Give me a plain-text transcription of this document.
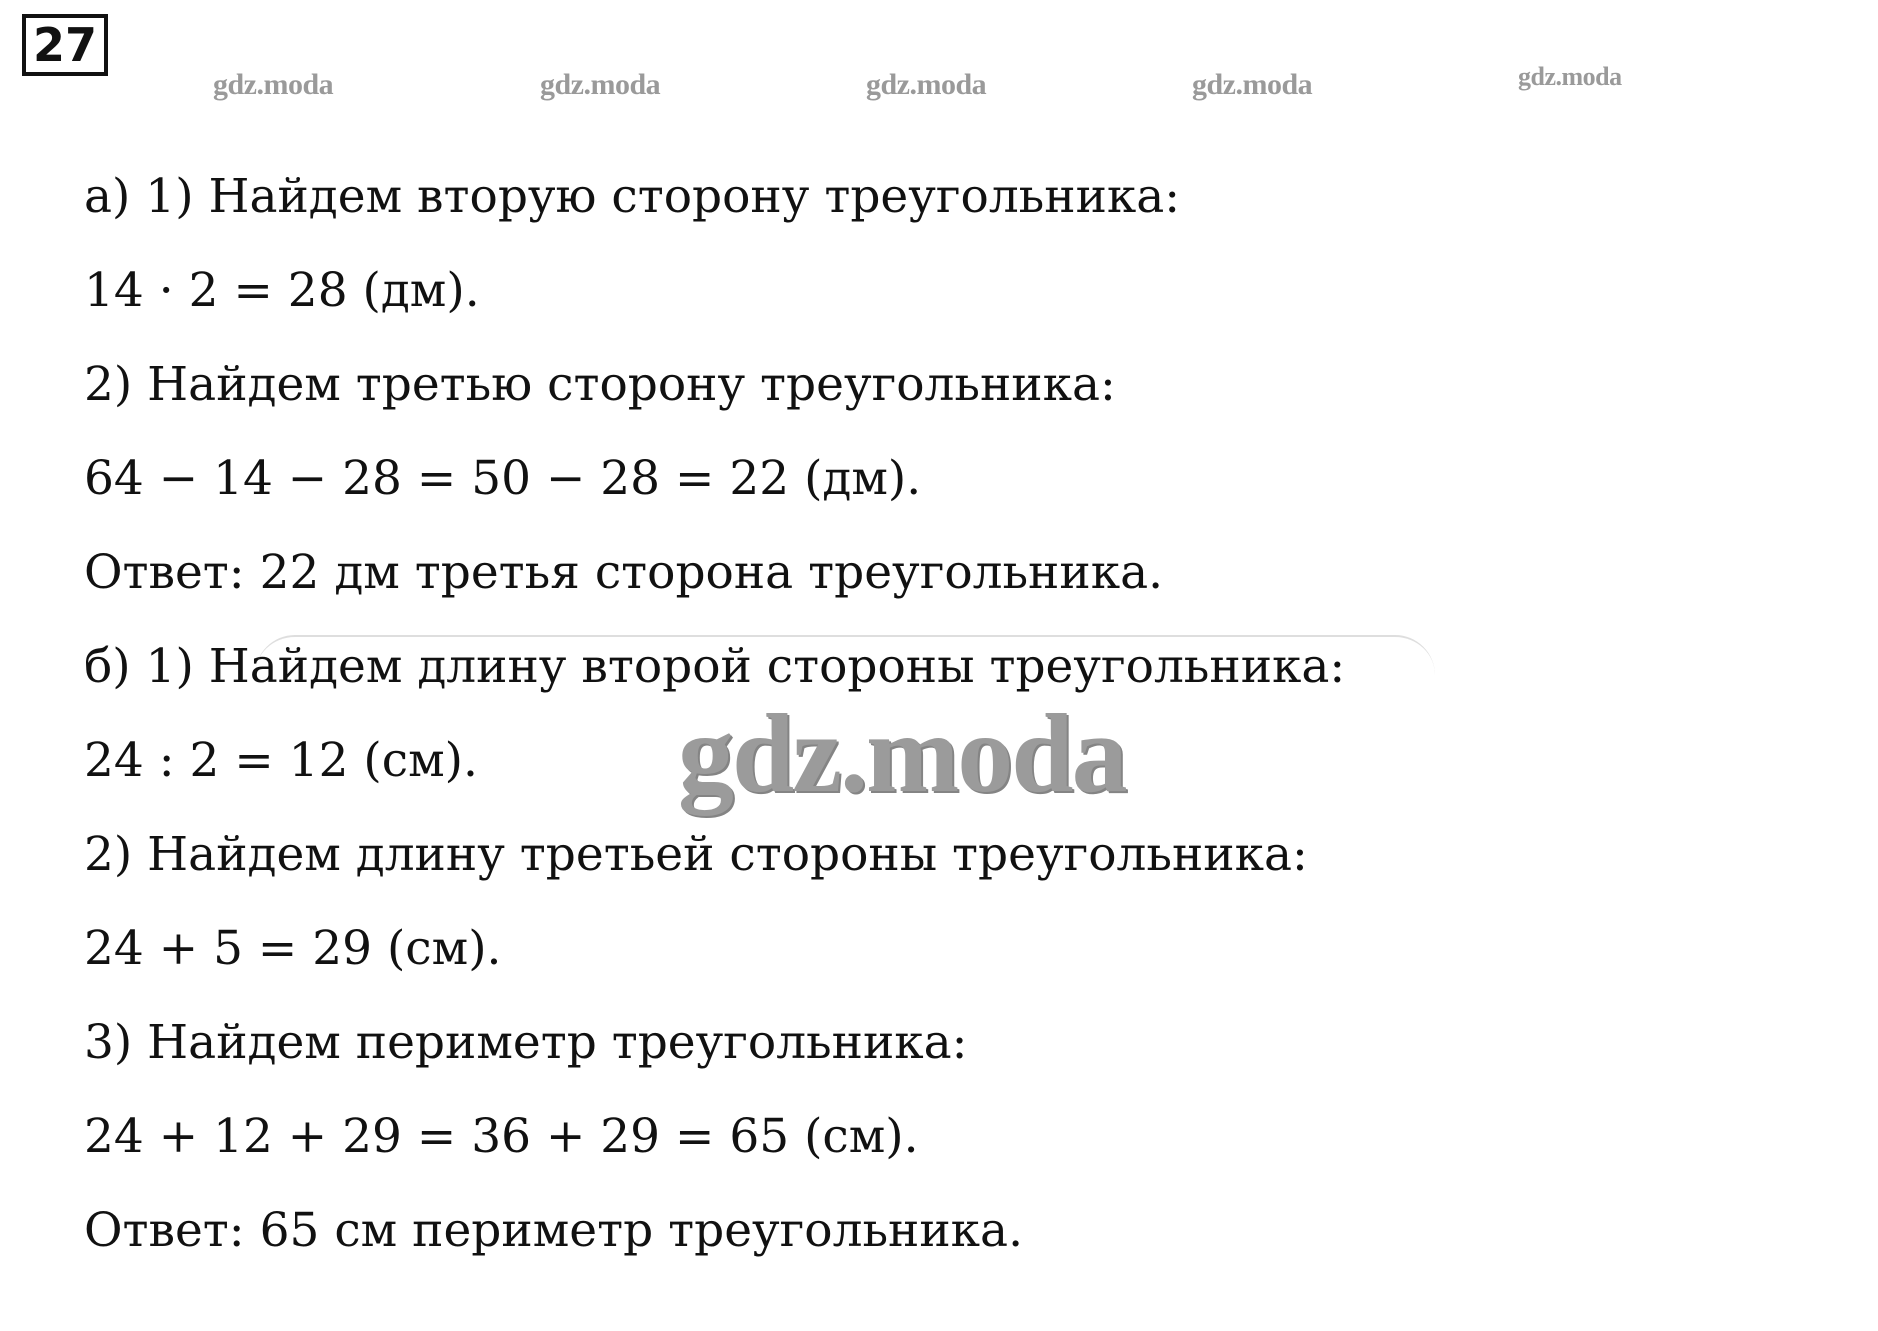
27
gdz.moda	gdz.moda	gdz.moda	gdz.moda	gdz.moda
а) 1) Найдем вторую сторону треугольника:
14 · 2 = 28 (дм).
2) Найдем третью сторону треугольника:
64 − 14 − 28 = 50 − 28 = 22 (дм).
Ответ: 22 дм третья сторона треугольника.
б) 1) Найдем длину второй стороны треугольника:
24 : 2 = 12 (см).
2) Найдем длину третьей стороны треугольника:
24 + 5 = 29 (см).
3) Найдем периметр треугольника:
24 + 12 + 29 = 36 + 29 = 65 (см).
Ответ: 65 см периметр треугольника.
gdz.moda
